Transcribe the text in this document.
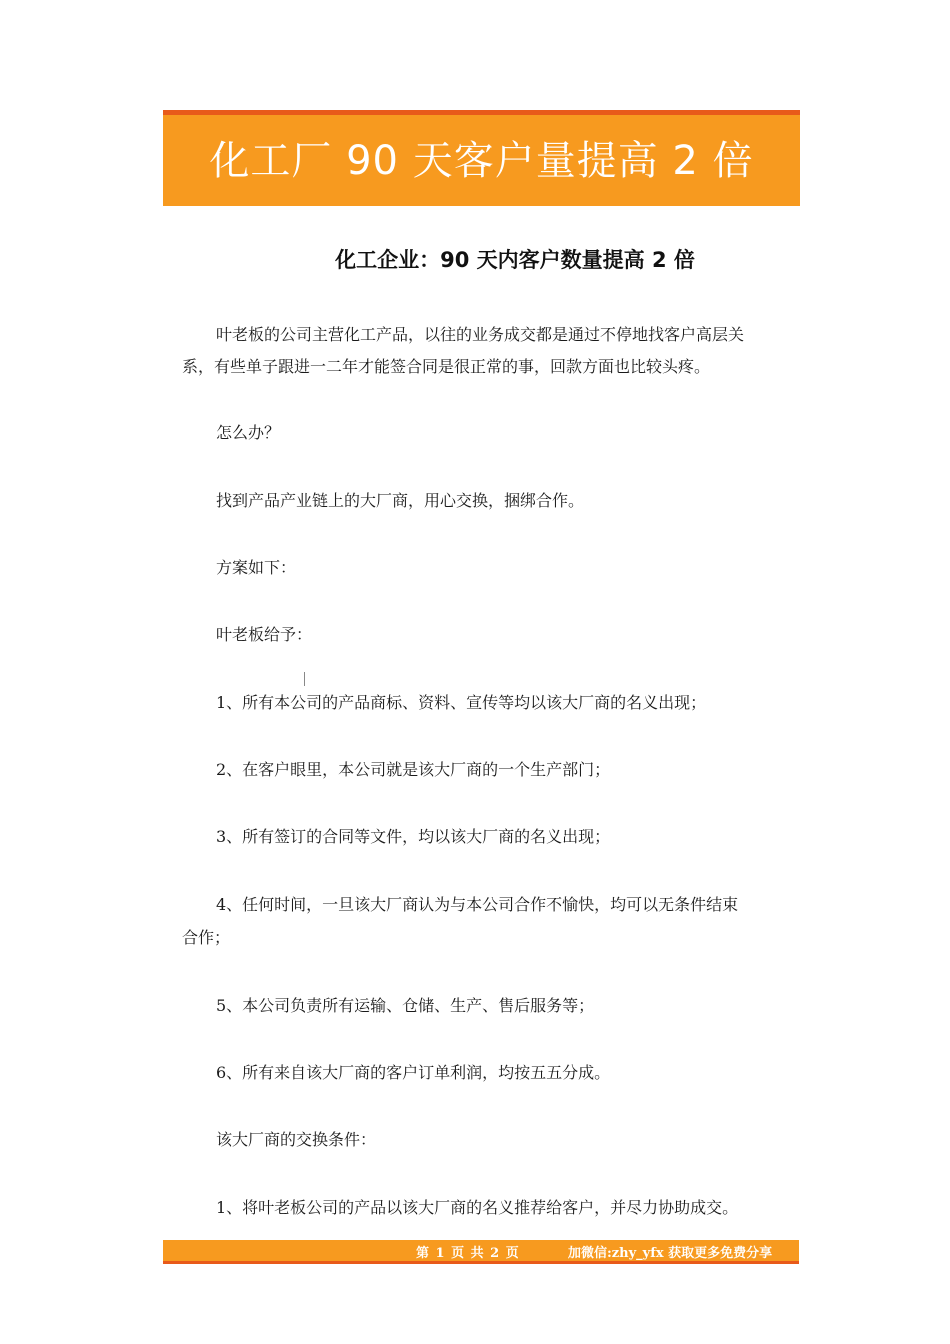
化工厂 90 天客户量提高 2 倍
化工企业：90 天内客户数量提高 2 倍
叶老板的公司主营化工产品，以往的业务成交都是通过不停地找客户高层关
系，有些单子跟进一二年才能签合同是很正常的事，回款方面也比较头疼。
怎么办？
找到产品产业链上的大厂商，用心交换，捆绑合作。
方案如下：
叶老板给予：
1、所有本公司的产品商标、资料、宣传等均以该大厂商的名义出现；
2、在客户眼里，本公司就是该大厂商的一个生产部门；
3、所有签订的合同等文件，均以该大厂商的名义出现；
4、任何时间，一旦该大厂商认为与本公司合作不愉快，均可以无条件结束
合作；
5、本公司负责所有运输、仓储、生产、售后服务等；
6、所有来自该大厂商的客户订单利润，均按五五分成。
该大厂商的交换条件：
1、将叶老板公司的产品以该大厂商的名义推荐给客户，并尽力协助成交。
第 1 页 共 2 页	加微信:zhy_yfx 获取更多免费分享
